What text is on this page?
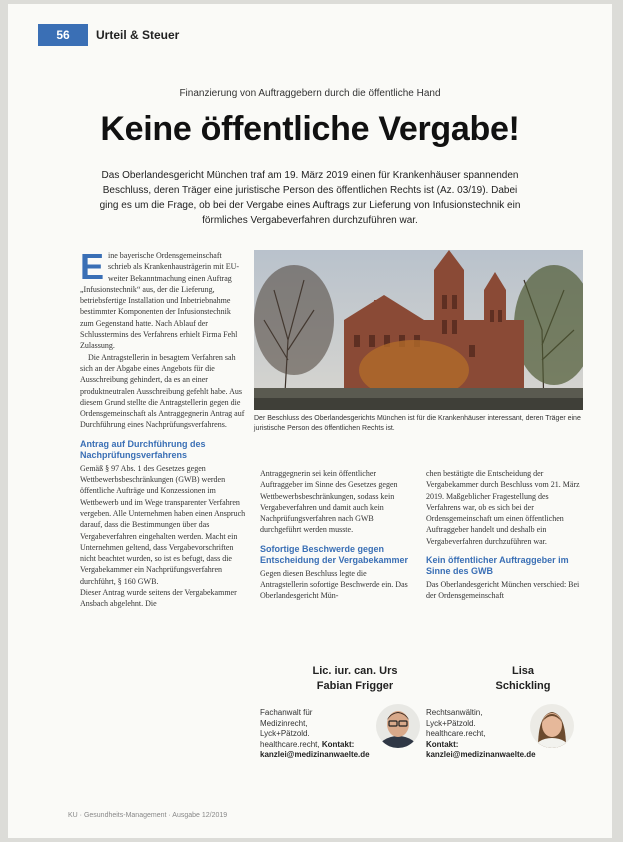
56	Urteil & Steuer
Finanzierung von Auftraggebern durch die öffentliche Hand
Keine öffentliche Vergabe!
Das Oberlandesgericht München traf am 19. März 2019 einen für Krankenhäuser spannenden Beschluss, deren Träger eine juristische Person des öffentlichen Rechts ist (Az. 03/19). Dabei ging es um die Frage, ob bei der Vergabe eines Auftrags zur Lieferung von Infusionstechnik ein förmliches Vergabeverfahren durchzuführen war.
E ine bayerische Ordensgemeinschaft schrieb als Krankenhausträgerin mit EU-weiter Bekanntmachung einen Auftrag „Infusionstechnik“ aus, der die Lieferung, betriebsfertige Installation und Inbetriebnahme bestimmter Komponenten der Infusionstechnik zum Gegenstand hatte. Nach Ablauf der Schlusstermins des Verfahrens erhielt Firma Fehl Zulassung.

Die Antragstellerin in besagtem Verfahren sah sich an der Abgabe eines Angebots für die Ausschreibung gehindert, da es an einer produktneutralen Ausschreibung gefehlt habe. Aus diesem Grund stellte die Antragstellerin gegen die Ordensgemeinschaft als Antraggegnerin Antrag auf Durchführung eines Nachprüfungsverfahrens.

Antrag auf Durchführung des Nachprüfungsverfahrens

Gemäß § 97 Abs. 1 des Gesetzes gegen Wettbewerbsbeschränkungen (GWB) werden öffentliche Aufträge und Konzessionen im Wettbewerb und im Wege transparenter Verfahren vergeben. Alle Unternehmen haben einen Anspruch darauf, dass die Bestimmungen über das Vergabeverfahren eingehalten werden. Macht ein Unternehmen geltend, dass Vergabevorschriften nicht beachtet wurden, so ist es befugt, dass die Vergabekammer ein Nachprüfungsverfahren durchführt, § 160 GWB.

Dieser Antrag wurde seitens der Vergabekammer Ansbach abgelehnt. Die

Der Beschluss des Oberlandesgerichts München ist für die Krankenhäuser interessant, deren Träger eine juristische Person des öffentlichen Rechts ist.

Antraggegnerin sei kein öffentlicher Auftraggeber im Sinne des Gesetzes gegen Wettbewerbsbeschränkungen, sodass kein Vergabeverfahren und damit auch kein Nachprüfungsverfahren nach GWB durchgeführt werden musste.

Sofortige Beschwerde gegen Entscheidung der Vergabekammer

Gegen diesen Beschluss legte die Antragstellerin sofortige Beschwerde ein. Das Oberlandesgericht Mün-

chen bestätigte die Entscheidung der Vergabekammer durch Beschluss vom 21. März 2019. Maßgeblicher Fragestellung des Verfahrens war, ob es sich bei der Ordensgemeinschaft um einen öffentlichen Auftraggeber handelt und deshalb ein Vergabeverfahren durchzuführen war.

Kein öffentlicher Auftraggeber im Sinne des GWB

Das Oberlandesgericht München verschied: Bei der Ordensgemeinschaft

Lic. iur. can. Urs
Fabian Frigger
Fachanwalt für
Medizinrecht,
Lyck+Pätzold.
healthcare.recht, Kontakt:
kanzlei@medizinanwaelte.de
Lisa
Schickling
Rechtsanwältin,
Lyck+Pätzold.
healthcare.recht,
Kontakt:
kanzlei@medizinanwaelte.de
KU · Gesundheits-Management · Ausgabe 12/2019
